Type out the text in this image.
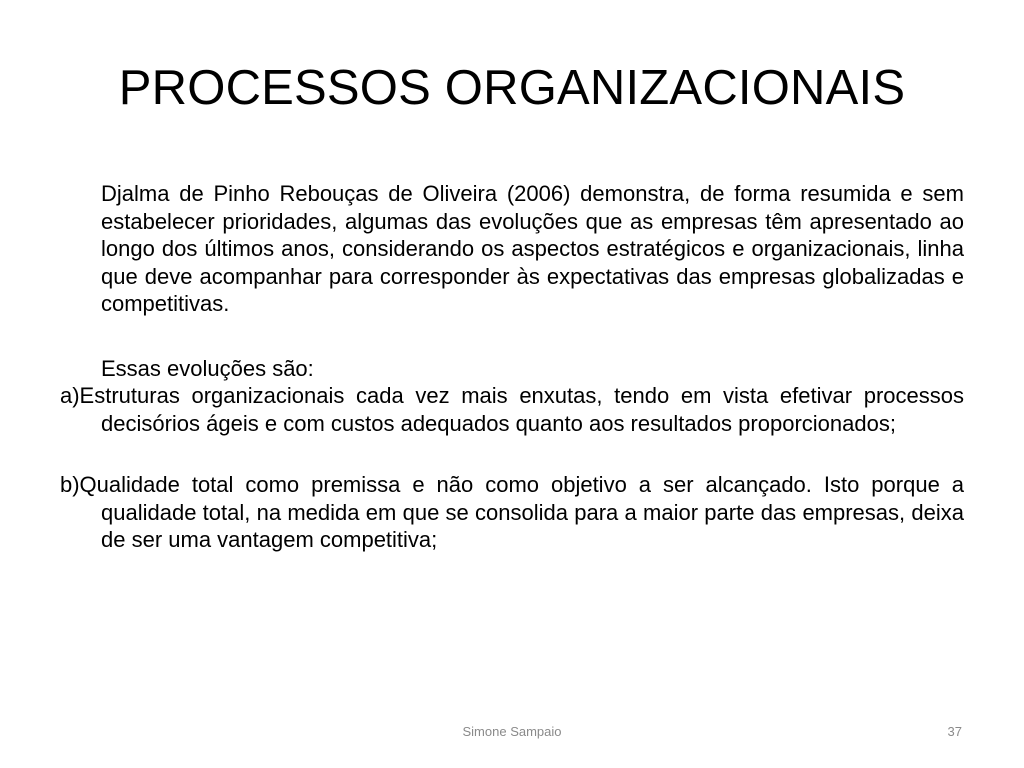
PROCESSOS ORGANIZACIONAIS

Djalma de Pinho Rebouças de Oliveira (2006) demonstra, de forma resumida e sem estabelecer prioridades, algumas das evoluções que as empresas têm apresentado ao longo dos últimos anos, considerando os aspectos estratégicos e organizacionais, linha que deve acompanhar para corresponder às expectativas das empresas globalizadas e competitivas.

Essas evoluções são:

a)Estruturas organizacionais cada vez mais enxutas, tendo em vista efetivar processos decisórios ágeis e com custos adequados quanto aos resultados proporcionados;

b)Qualidade total como premissa e não como objetivo a ser alcançado. Isto porque a qualidade total, na medida em que se consolida para a maior parte das empresas, deixa de ser uma vantagem competitiva;

Simone Sampaio	37
